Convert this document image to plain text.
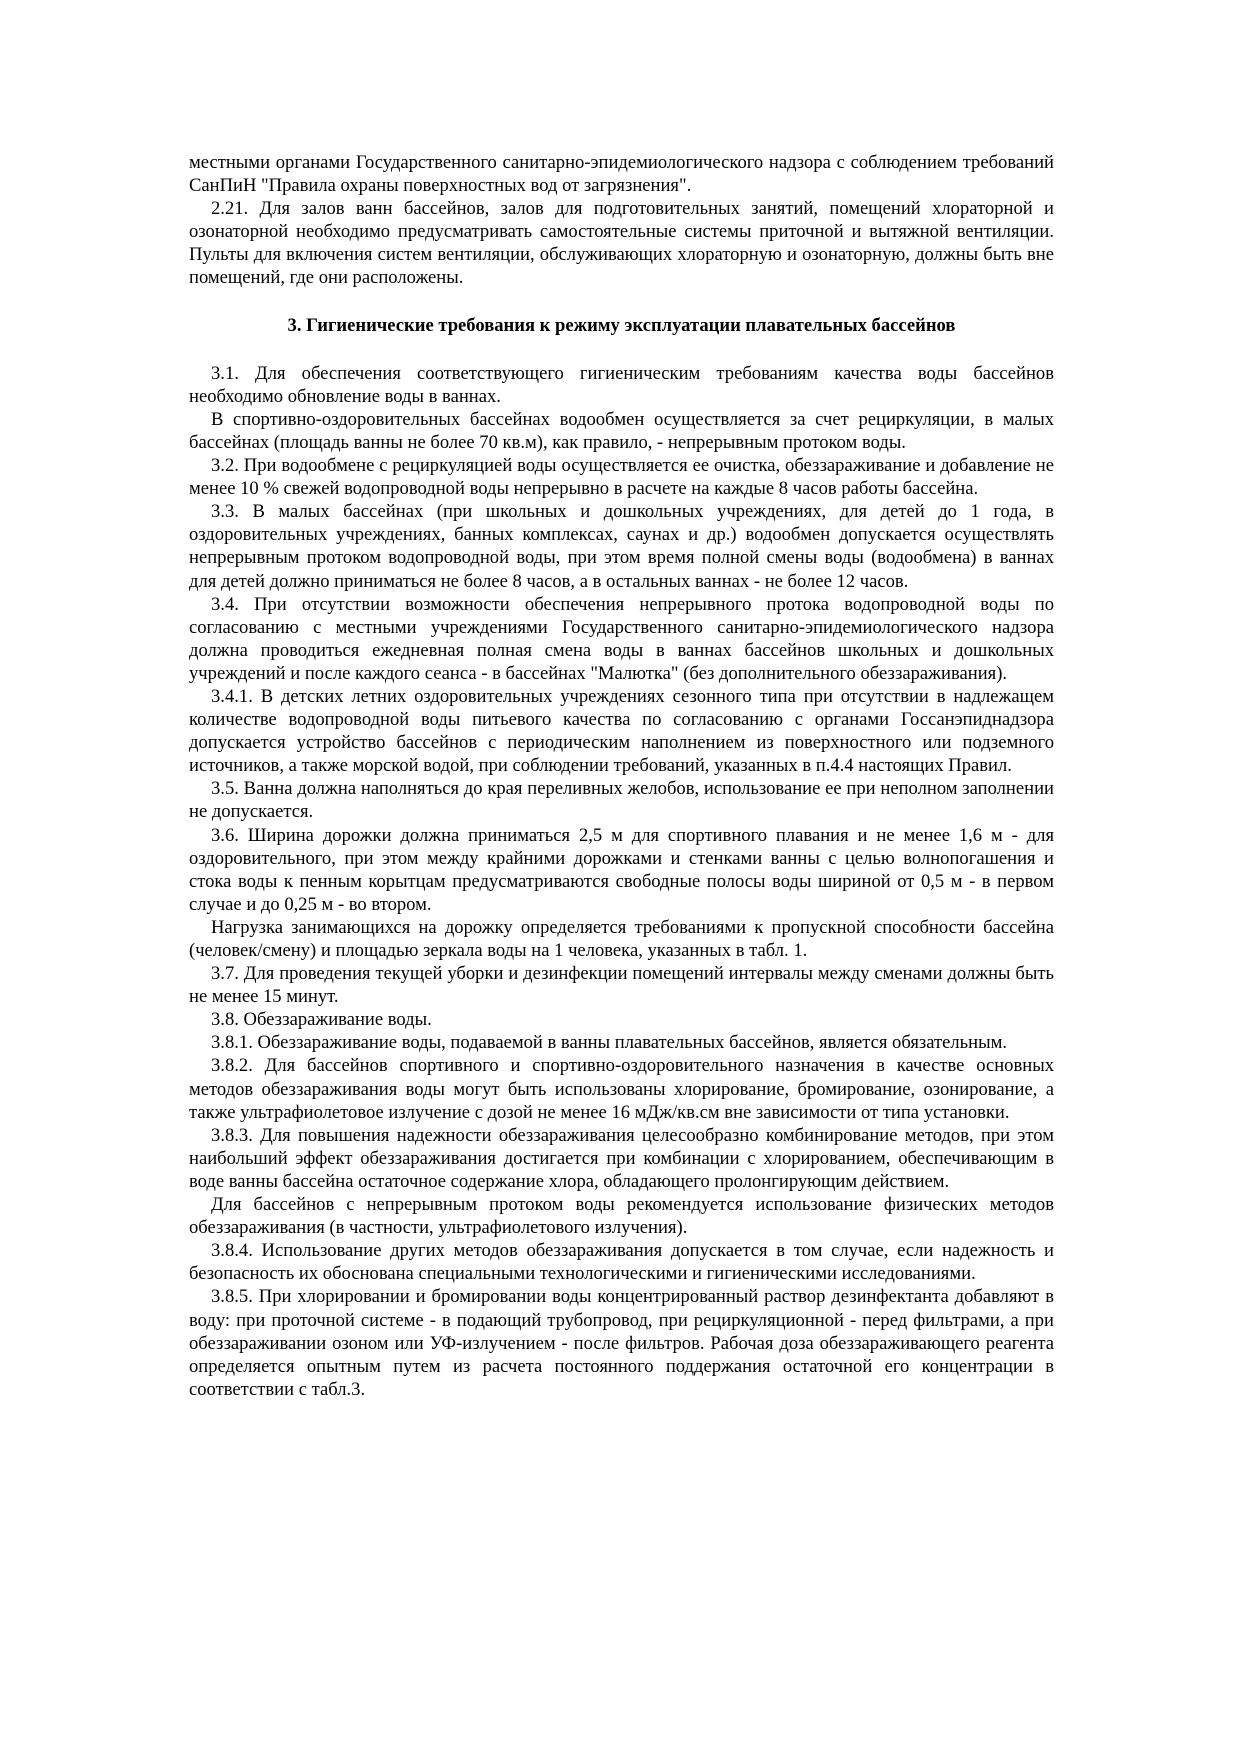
местными органами Государственного санитарно-эпидемиологического надзора с соблюдением требований СанПиН "Правила охраны поверхностных вод от загрязнения".

2.21. Для залов ванн бассейнов, залов для подготовительных занятий, помещений хлораторной и озонаторной необходимо предусматривать самостоятельные системы приточной и вытяжной вентиляции. Пульты для включения систем вентиляции, обслуживающих хлораторную и озонаторную, должны быть вне помещений, где они расположены.

3. Гигиенические требования к режиму эксплуатации плавательных бассейнов

3.1. Для обеспечения соответствующего гигиеническим требованиям качества воды бассейнов необходимо обновление воды в ваннах.

В спортивно-оздоровительных бассейнах водообмен осуществляется за счет рециркуляции, в малых бассейнах (площадь ванны не более 70 кв.м), как правило, - непрерывным протоком воды.

3.2. При водообмене с рециркуляцией воды осуществляется ее очистка, обеззараживание и добавление не менее 10 % свежей водопроводной воды непрерывно в расчете на каждые 8 часов работы бассейна.

3.3. В малых бассейнах (при школьных и дошкольных учреждениях, для детей до 1 года, в оздоровительных учреждениях, банных комплексах, саунах и др.) водообмен допускается осуществлять непрерывным протоком водопроводной воды, при этом время полной смены воды (водообмена) в ваннах для детей должно приниматься не более 8 часов, а в остальных ваннах - не более 12 часов.

3.4. При отсутствии возможности обеспечения непрерывного протока водопроводной воды по согласованию с местными учреждениями Государственного санитарно-эпидемиологического надзора должна проводиться ежедневная полная смена воды в ваннах бассейнов школьных и дошкольных учреждений и после каждого сеанса - в бассейнах "Малютка" (без дополнительного обеззараживания).

3.4.1. В детских летних оздоровительных учреждениях сезонного типа при отсутствии в надлежащем количестве водопроводной воды питьевого качества по согласованию с органами Госсанэпиднадзора допускается устройство бассейнов с периодическим наполнением из поверхностного или подземного источников, а также морской водой, при соблюдении требований, указанных в п.4.4 настоящих Правил.

3.5. Ванна должна наполняться до края переливных желобов, использование ее при неполном заполнении не допускается.

3.6. Ширина дорожки должна приниматься 2,5 м для спортивного плавания и не менее 1,6 м - для оздоровительного, при этом между крайними дорожками и стенками ванны с целью волнопогашения и стока воды к пенным корытцам предусматриваются свободные полосы воды шириной от 0,5 м - в первом случае и до 0,25 м - во втором.

Нагрузка занимающихся на дорожку определяется требованиями к пропускной способности бассейна (человек/смену) и площадью зеркала воды на 1 человека, указанных в табл. 1.

3.7. Для проведения текущей уборки и дезинфекции помещений интервалы между сменами должны быть не менее 15 минут.

3.8. Обеззараживание воды.

3.8.1. Обеззараживание воды, подаваемой в ванны плавательных бассейнов, является обязательным.

3.8.2. Для бассейнов спортивного и спортивно-оздоровительного назначения в качестве основных методов обеззараживания воды могут быть использованы хлорирование, бромирование, озонирование, а также ультрафиолетовое излучение с дозой не менее 16 мДж/кв.см вне зависимости от типа установки.

3.8.3. Для повышения надежности обеззараживания целесообразно комбинирование методов, при этом наибольший эффект обеззараживания достигается при комбинации с хлорированием, обеспечивающим в воде ванны бассейна остаточное содержание хлора, обладающего пролонгирующим действием.

Для бассейнов с непрерывным протоком воды рекомендуется использование физических методов обеззараживания (в частности, ультрафиолетового излучения).

3.8.4. Использование других методов обеззараживания допускается в том случае, если надежность и безопасность их обоснована специальными технологическими и гигиеническими исследованиями.

3.8.5. При хлорировании и бромировании воды концентрированный раствор дезинфектанта добавляют в воду: при проточной системе - в подающий трубопровод, при рециркуляционной - перед фильтрами, а при обеззараживании озоном или УФ-излучением - после фильтров. Рабочая доза обеззараживающего реагента определяется опытным путем из расчета постоянного поддержания остаточной его концентрации в соответствии с табл.3.
